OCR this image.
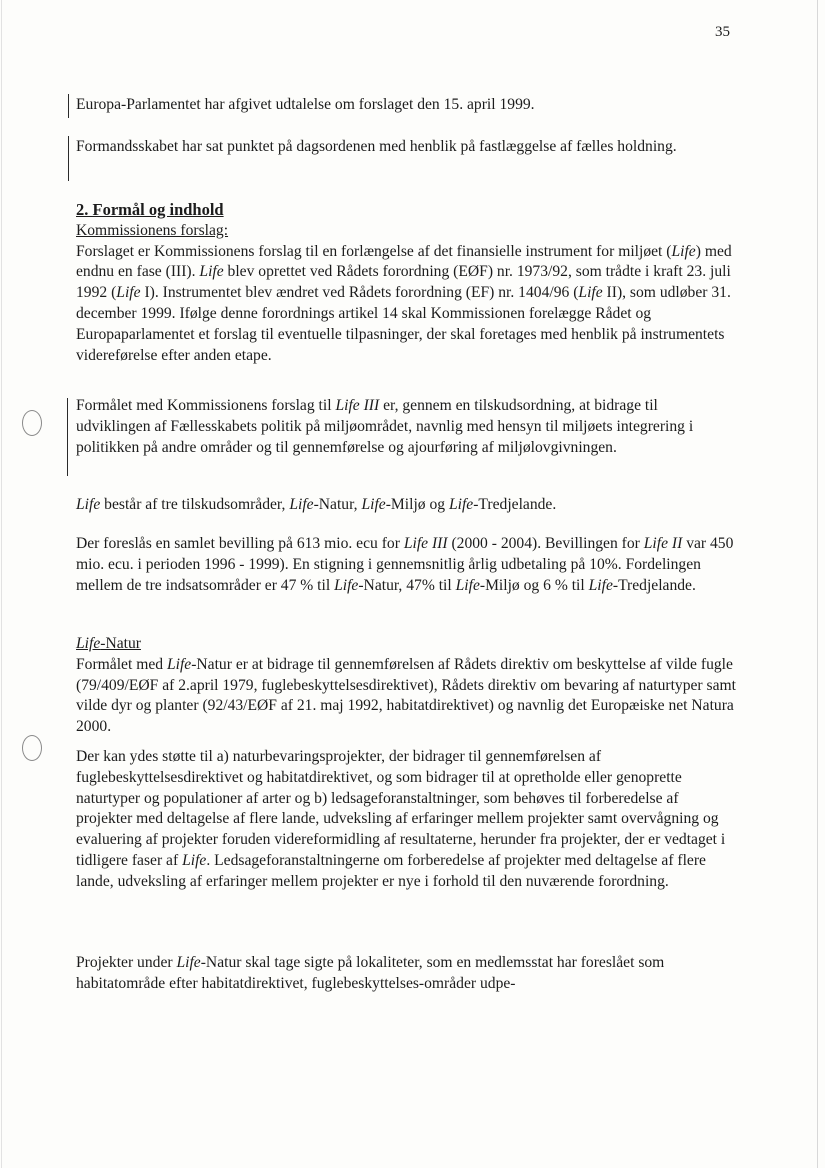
35

Europa-Parlamentet har afgivet udtalelse om forslaget den 15. april 1999.

Formandsskabet har sat punktet på dagsordenen med henblik på fastlæggelse af fælles holdning.

2. Formål og indhold
Kommissionens forslag:

Forslaget er Kommissionens forslag til en forlængelse af det finansielle instrument for miljøet (Life) med endnu en fase (III). Life blev oprettet ved Rådets forordning (EØF) nr. 1973/92, som trådte i kraft 23. juli 1992 (Life I). Instrumentet blev ændret ved Rådets forordning (EF) nr. 1404/96 (Life II), som udløber 31. december 1999. Ifølge denne forordnings artikel 14 skal Kommissionen forelægge Rådet og Europaparlamentet et forslag til eventuelle tilpasninger, der skal foretages med henblik på instrumentets videreførelse efter anden etape.

Formålet med Kommissionens forslag til Life III er, gennem en tilskudsordning, at bidrage til udviklingen af Fællesskabets politik på miljøområdet, navnlig med hensyn til miljøets integrering i politikken på andre områder og til gennemførelse og ajourføring af miljølovgivningen.

Life består af tre tilskudsområder, Life-Natur, Life-Miljø og Life-Tredjelande.

Der foreslås en samlet bevilling på 613 mio. ecu for Life III (2000 - 2004). Bevillingen for Life II var 450 mio. ecu. i perioden 1996 - 1999). En stigning i gennemsnitlig årlig udbetaling på 10%. Fordelingen mellem de tre indsatsområder er 47 % til Life-Natur, 47% til Life-Miljø og 6 % til Life-Tredjelande.

Life-Natur

Formålet med Life-Natur er at bidrage til gennemførelsen af Rådets direktiv om beskyttelse af vilde fugle (79/409/EØF af 2.april 1979, fuglebeskyttelsesdirektivet), Rådets direktiv om bevaring af naturtyper samt vilde dyr og planter (92/43/EØF af 21. maj 1992, habitatdirektivet) og navnlig det Europæiske net Natura 2000.

Der kan ydes støtte til a) naturbevaringsprojekter, der bidrager til gennemførelsen af fuglebeskyttelsesdirektivet og habitatdirektivet, og som bidrager til at opretholde eller genoprette naturtyper og populationer af arter og b) ledsageforanstaltninger, som behøves til forberedelse af projekter med deltagelse af flere lande, udveksling af erfaringer mellem projekter samt overvågning og evaluering af projekter foruden videreformidling af resultaterne, herunder fra projekter, der er vedtaget i tidligere faser af Life. Ledsageforanstaltningerne om forberedelse af projekter med deltagelse af flere lande, udveksling af erfaringer mellem projekter er nye i forhold til den nuværende forordning.

Projekter under Life-Natur skal tage sigte på lokaliteter, som en medlemsstat har foreslået som habitatområde efter habitatdirektivet, fuglebeskyttelses-områder udpe-
